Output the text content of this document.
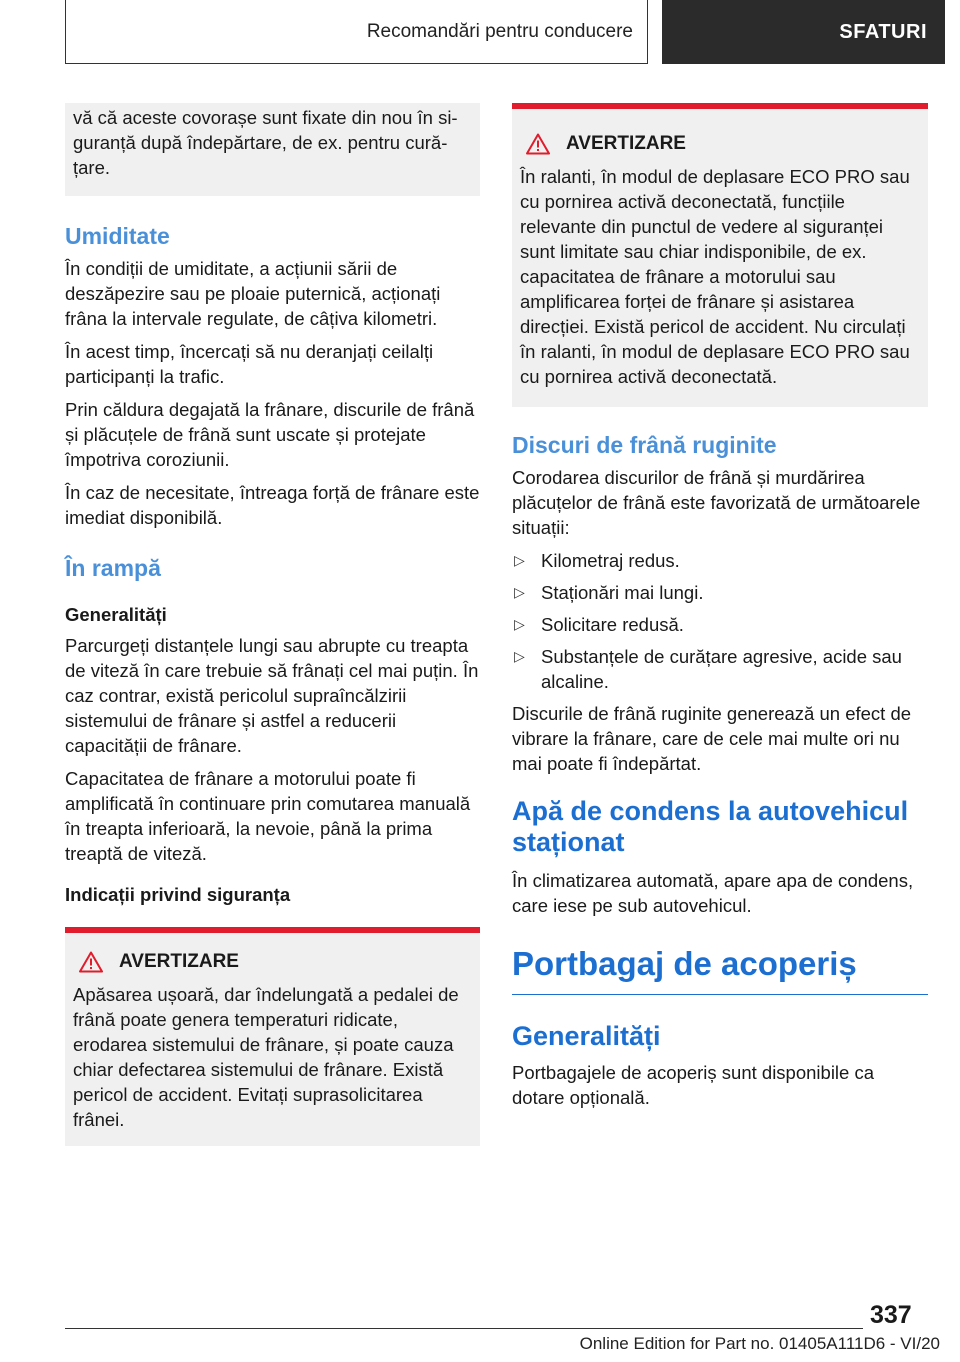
Recomandări pentru conducere	SFATURI

vă că aceste covorașe sunt fixate din nou în si-guranță după îndepărtare, de ex. pentru cură-țare.

Umiditate

În condiții de umiditate, a acțiunii sării de deszăpezire sau pe ploaie puternică, acționați frâna la intervale regulate, de câțiva kilometri.

În acest timp, încercați să nu deranjați ceilalți participanți la trafic.

Prin căldura degajată la frânare, discurile de frână și plăcuțele de frână sunt uscate și protejate împotriva coroziunii.

În caz de necesitate, întreaga forță de frânare este imediat disponibilă.

În rampă
Generalități

Parcurgeți distanțele lungi sau abrupte cu treapta de viteză în care trebuie să frânați cel mai puțin. În caz contrar, există pericolul supraîncălzirii sistemului de frânare și astfel a reducerii capacității de frânare.

Capacitatea de frânare a motorului poate fi amplificată în continuare prin comutarea manuală în treapta inferioară, la nevoie, până la prima treaptă de viteză.

Indicații privind siguranța
AVERTIZARE

Apăsarea ușoară, dar îndelungată a pedalei de frână poate genera temperaturi ridicate, erodarea sistemului de frânare, și poate cauza chiar defectarea sistemului de frânare. Există pericol de accident. Evitați suprasolicitarea frânei.

AVERTIZARE

În ralanti, în modul de deplasare ECO PRO sau cu pornirea activă deconectată, funcțiile relevante din punctul de vedere al siguranței sunt limitate sau chiar indisponibile, de ex. capacitatea de frânare a motorului sau amplificarea forței de frânare și asistarea direcției. Există pericol de accident. Nu circulați în ralanti, în modul de deplasare ECO PRO sau cu pornirea activă deconectată.

Discuri de frână ruginite

Corodarea discurilor de frână și murdărirea plăcuțelor de frână este favorizată de următoarele situații:

▷ Kilometraj redus.
▷ Staționări mai lungi.
▷ Solicitare redusă.
▷ Substanțele de curățare agresive, acide sau alcaline.

Discurile de frână ruginite generează un efect de vibrare la frânare, care de cele mai multe ori nu mai poate fi îndepărtat.

Apă de condens la autovehicul staționat

În climatizarea automată, apare apa de condens, care iese pe sub autovehicul.

Portbagaj de acoperiș
Generalități

Portbagajele de acoperiș sunt disponibile ca dotare opțională.

337
Online Edition for Part no. 01405A111D6 - VI/20
